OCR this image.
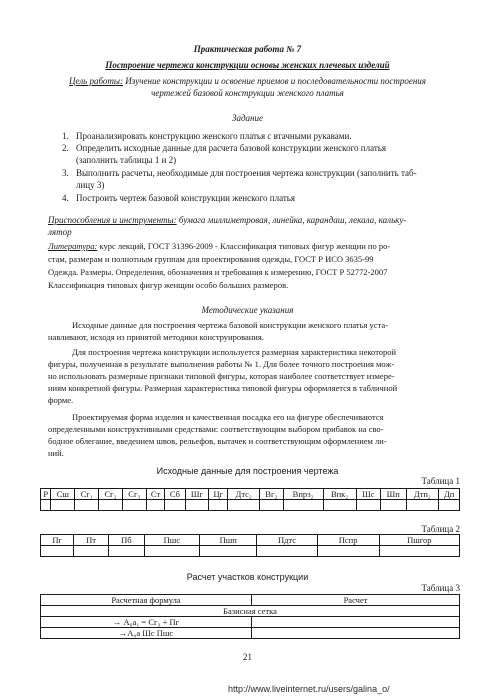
Практическая работа № 7
Построение чертежа конструкции основы женских плечевых изделий
Цель работы: Изучение конструкции и освоение приемов и последовательности построения
чертежей базовой конструкции женского платья
Задание
1. Проанализировать конструкцию женского платья с втачными рукавами.
2. Определить исходные данные для расчета базовой конструкции женского платья
(заполнить таблицы 1 и 2)
3. Выполнить расчеты, необходимые для построения чертежа конструкции (заполнить таб-
лицу 3)
4. Построить чертеж базовой конструкции женского платья
Приспособления и инструменты: бумага миллиметровая, линейка, карандаш, лекала, кальку-
лятор
Литература: курс лекций, ГОСТ 31396-2009 - Классификация типовых фигур женщин по ро-
стам, размерам и полнотным группам для проектирования одежды, ГОСТ Р ИСО 3635-99
Одежда. Размеры. Определения, обозначения и требования к измерению, ГОСТ Р 52772-2007
Классификация типовых фигур женщин особо больших размеров.
Методические указания
Исходные данные для построения чертежа базовой конструкции женского платья уста-
навливают, исходя из принятой методики конструирования.
Для построения чертежа конструкции используется размерная характеристика некоторой
фигуры, полученная в результате выполнения работы № 1. Для более точного построения мож-
но использовать размерные признаки типовой фигуры, которая наиболее соответствует измере-
ниям конкретной фигуры. Размерная характеристика типовой фигуры оформляется в табличной
форме.
Проектируемая форма изделия и качественная посадка его на фигуре обеспечиваются
определенными конструктивными средствами: соответствующим выбором прибавок на сво-
бодное облегание, введением швов, рельефов, вытачек и соответствующим оформлением ли-
ний.
Исходные данные для построения чертежа
Таблица 1
Р	Сш	Сг₁	Сг₂	Сг₃	Ст	Сб	Шг	Цг	Дтс₂	Вг₂	Впрз₂	Впк₂	Шс	Шп	Дтп₂	Дп

Таблица 2
Пг	Пт	Пб	Пшс	Пшп	Пдтс	Пспр	Пшгор

Расчет участков конструкции
Таблица 3
Расчетная формула	Расчет
Базисная сетка	
→ А₀а₁ = Сг₃ + Пг	
→А₀а Шс Пшс	
21
http://www.liveinternet.ru/users/galina_o/
